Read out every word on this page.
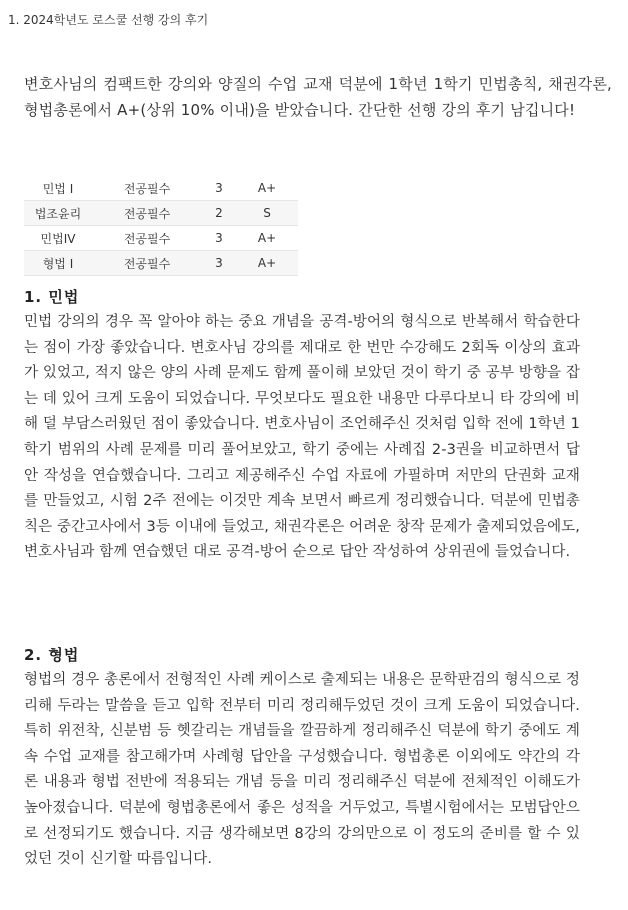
1. 2024학년도 로스쿨 선행 강의 후기

변호사님의 컴팩트한 강의와 양질의 수업 교재 덕분에 1학년 1학기 민법총칙, 채권각론, 형법총론에서 A+(상위 10% 이내)을 받았습니다. 간단한 선행 강의 후기 남깁니다!

민법 I	전공필수	3	A+
법조윤리	전공필수	2	S
민법IV	전공필수	3	A+
형법 I	전공필수	3	A+
1. 민법

민법 강의의 경우 꼭 알아야 하는 중요 개념을 공격-방어의 형식으로 반복해서 학습한다는 점이 가장 좋았습니다. 변호사님 강의를 제대로 한 번만 수강해도 2회독 이상의 효과가 있었고, 적지 않은 양의 사례 문제도 함께 풀이해 보았던 것이 학기 중 공부 방향을 잡는 데 있어 크게 도움이 되었습니다. 무엇보다도 필요한 내용만 다루다보니 타 강의에 비해 덜 부담스러웠던 점이 좋았습니다. 변호사님이 조언해주신 것처럼 입학 전에 1학년 1학기 범위의 사례 문제를 미리 풀어보았고, 학기 중에는 사례집 2-3권을 비교하면서 답안 작성을 연습했습니다. 그리고 제공해주신 수업 자료에 가필하며 저만의 단권화 교재를 만들었고, 시험 2주 전에는 이것만 계속 보면서 빠르게 정리했습니다. 덕분에 민법총칙은 중간고사에서 3등 이내에 들었고, 채권각론은 어려운 창작 문제가 출제되었음에도, 변호사님과 함께 연습했던 대로 공격-방어 순으로 답안 작성하여 상위권에 들었습니다.

2. 형법

형법의 경우 총론에서 전형적인 사례 케이스로 출제되는 내용은 문학판검의 형식으로 정리해 두라는 말씀을 듣고 입학 전부터 미리 정리해두었던 것이 크게 도움이 되었습니다. 특히 위전착, 신분범 등 헷갈리는 개념들을 깔끔하게 정리해주신 덕분에 학기 중에도 계속 수업 교재를 참고해가며 사례형 답안을 구성했습니다. 형법총론 이외에도 약간의 각론 내용과 형법 전반에 적용되는 개념 등을 미리 정리해주신 덕분에 전체적인 이해도가 높아졌습니다. 덕분에 형법총론에서 좋은 성적을 거두었고, 특별시험에서는 모범답안으로 선정되기도 했습니다. 지금 생각해보면 8강의 강의만으로 이 정도의 준비를 할 수 있었던 것이 신기할 따름입니다.
